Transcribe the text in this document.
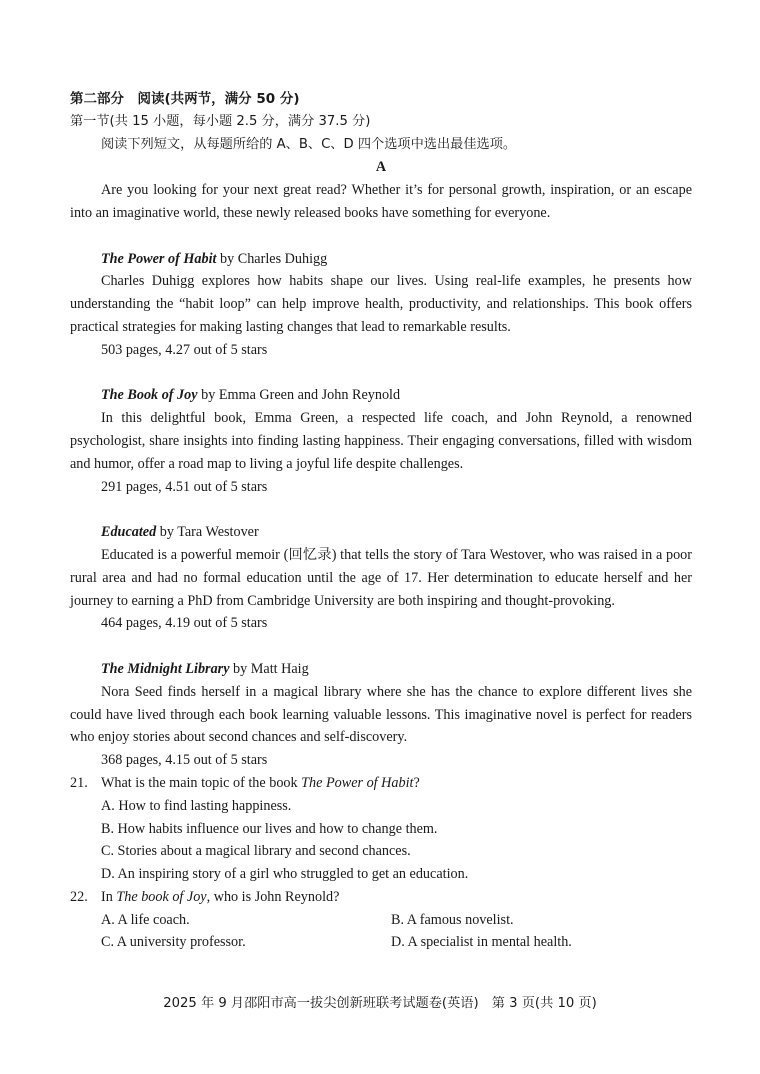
第二部分　阅读(共两节，满分 50 分)
第一节(共 15 小题，每小题 2.5 分，满分 37.5 分)
阅读下列短文，从每题所给的 A、B、C、D 四个选项中选出最佳选项。
A

Are you looking for your next great read? Whether it’s for personal growth, inspiration, or an escape into an imaginative world, these newly released books have something for everyone.

The Power of Habit by Charles Duhigg

Charles Duhigg explores how habits shape our lives. Using real-life examples, he presents how understanding the “habit loop” can help improve health, productivity, and relationships. This book offers practical strategies for making lasting changes that lead to remarkable results.

503 pages, 4.27 out of 5 stars
The Book of Joy by Emma Green and John Reynold

In this delightful book, Emma Green, a respected life coach, and John Reynold, a renowned psychologist, share insights into finding lasting happiness. Their engaging conversations, filled with wisdom and humor, offer a road map to living a joyful life despite challenges.

291 pages, 4.51 out of 5 stars
Educated by Tara Westover

Educated is a powerful memoir (回忆录) that tells the story of Tara Westover, who was raised in a poor rural area and had no formal education until the age of 17. Her determination to educate herself and her journey to earning a PhD from Cambridge University are both inspiring and thought-provoking.

464 pages, 4.19 out of 5 stars
The Midnight Library by Matt Haig

Nora Seed finds herself in a magical library where she has the chance to explore different lives she could have lived through each book learning valuable lessons. This imaginative novel is perfect for readers who enjoy stories about second chances and self-discovery.

368 pages, 4.15 out of 5 stars
21. What is the main topic of the book The Power of Habit?
A. How to find lasting happiness.
B. How habits influence our lives and how to change them.
C. Stories about a magical library and second chances.
D. An inspiring story of a girl who struggled to get an education.
22. In The book of Joy, who is John Reynold?
A. A life coach.	B. A famous novelist.
C. A university professor.	D. A specialist in mental health.
2025 年 9 月邵阳市高一拔尖创新班联考试题卷(英语)　第 3 页(共 10 页)
